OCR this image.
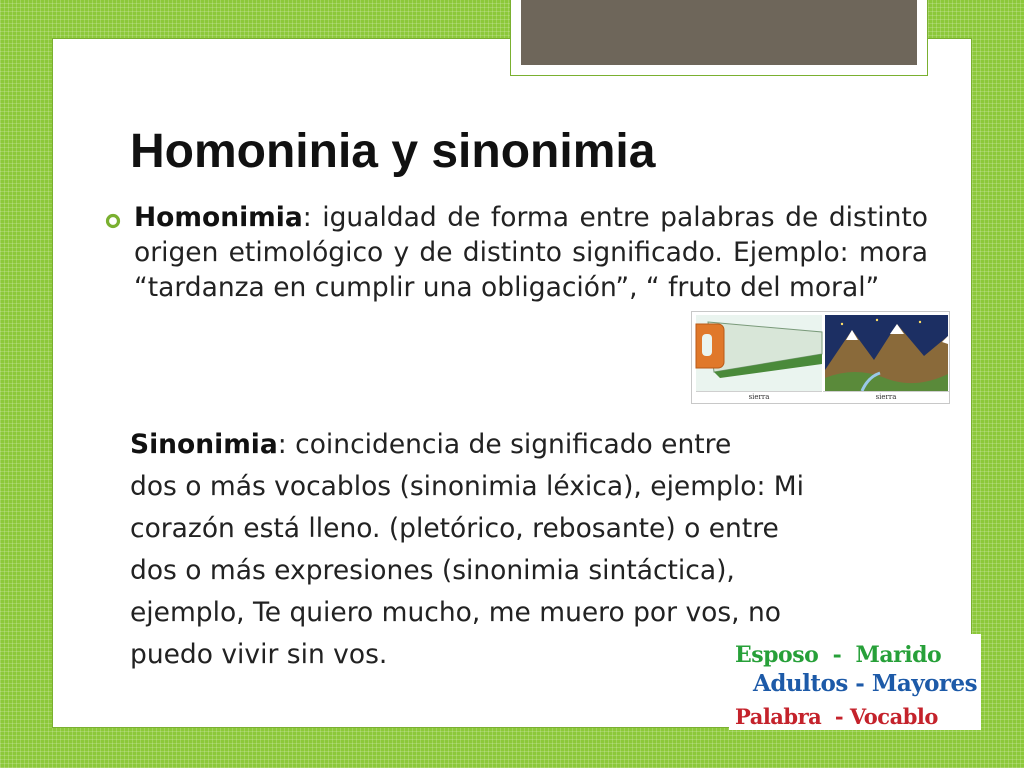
Homoninia y sinonimia
Homonimia: igualdad de forma entre palabras de distinto origen etimológico y de distinto significado. Ejemplo: mora “tardanza en cumplir una obligación”, “ fruto del moral”
sierra	sierra
Sinonimia: coincidencia de significado entre
dos o más vocablos (sinonimia léxica), ejemplo: Mi
corazón está lleno. (pletórico, rebosante) o entre
dos o más expresiones (sinonimia sintáctica),
ejemplo, Te quiero mucho, me muero por vos, no
puedo vivir sin vos.	Esposo  -  Marido
Adultos - Mayores
Palabra  - Vocablo
